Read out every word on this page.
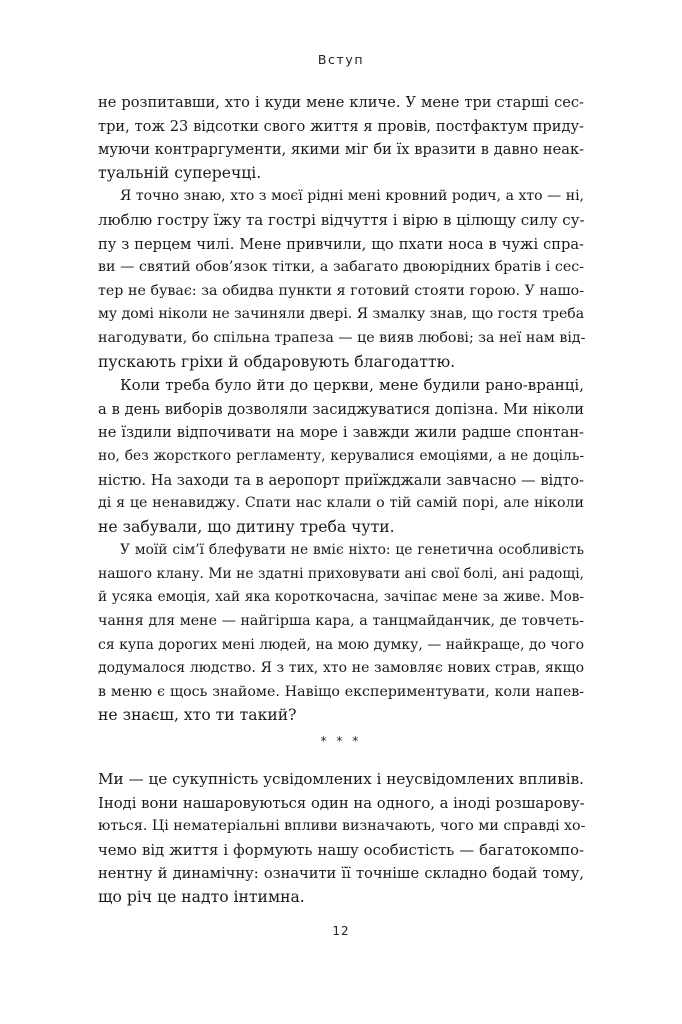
Вступ
не розпитавши, хто і куди мене кличе. У мене три старші сес-
три, тож 23 відсотки свого життя я провів, постфактум приду-
муючи контраргументи, якими міг би їх вразити в давно неак-
туальній суперечці.
Я точно знаю, хто з моєї рідні мені кровний родич, а хто — ні,
люблю гостру їжу та гострі відчуття і вірю в цілющу силу су-
пу з перцем чилі. Мене привчили, що пхати носа в чужі спра-
ви — святий обов’язок тітки, а забагато двоюрідних братів і сес-
тер не буває: за обидва пункти я готовий стояти горою. У нашо-
му домі ніколи не зачиняли двері. Я змалку знав, що гостя треба
нагодувати, бо спільна трапеза — це вияв любові; за неї нам від-
пускають гріхи й обдаровують благодаттю.
Коли треба було йти до церкви, мене будили рано-вранці,
а в день виборів дозволяли засиджуватися допізна. Ми ніколи
не їздили відпочивати на море і завжди жили радше спонтан-
но, без жорсткого регламенту, керувалися емоціями, а не доціль-
ністю. На заходи та в аеропорт приїжджали завчасно — відто-
ді я це ненавиджу. Спати нас клали о тій самій порі, але ніколи
не забували, що дитину треба чути.
У моїй сім’ї блефувати не вміє ніхто: це генетична особливість
нашого клану. Ми не здатні приховувати ані свої болі, ані радощі,
й усяка емоція, хай яка короткочасна, зачіпає мене за живе. Мов-
чання для мене — найгірша кара, а танцмайданчик, де товчеть-
ся купа дорогих мені людей, на мою думку, — найкраще, до чого
додумалося людство. Я з тих, хто не замовляє нових страв, якщо
в меню є щось знайоме. Навіщо експериментувати, коли напев-
не знаєш, хто ти такий?
* * *
Ми — це сукупність усвідомлених і неусвідомлених впливів.
Іноді вони нашаровуються один на одного, а іноді розшарову-
ються. Ці нематеріальні впливи визначають, чого ми справді хо-
чемо від життя і формують нашу особистість — багатокомпо-
нентну й динамічну: означити її точніше складно бодай тому,
що річ це надто інтимна.
12
